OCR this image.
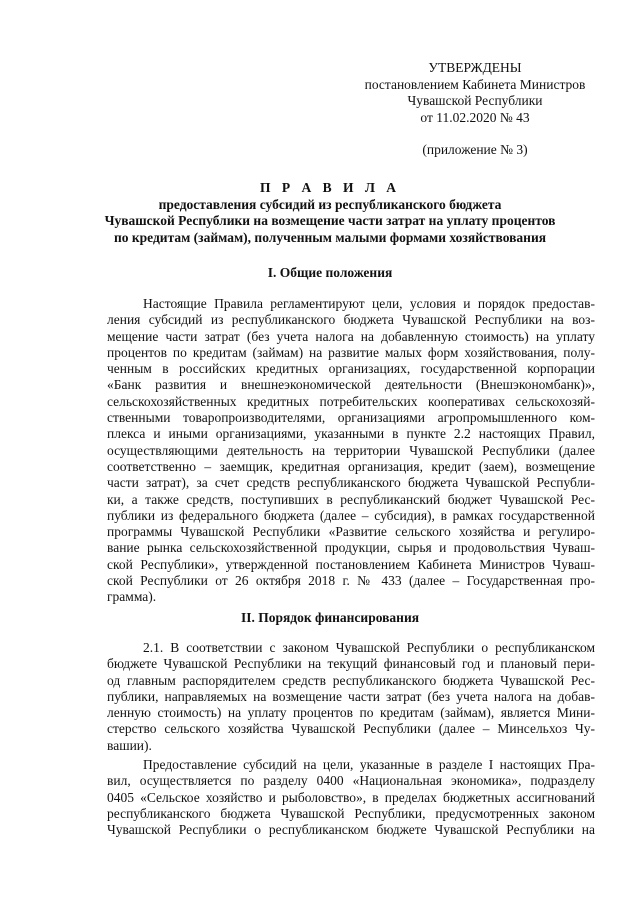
УТВЕРЖДЕНЫ
постановлением Кабинета Министров
Чувашской Республики
от 11.02.2020 № 43
(приложение № 3)
П Р А В И Л А
предоставления субсидий из республиканского бюджета
Чувашской Республики на возмещение части затрат на уплату процентов
по кредитам (займам), полученным малыми формами хозяйствования
I. Общие положения
Настоящие Правила регламентируют цели, условия и порядок предостав-
ления субсидий из республиканского бюджета Чувашской Республики на воз-
мещение части затрат (без учета налога на добавленную стоимость) на уплату
процентов по кредитам (займам) на развитие малых форм хозяйствования, полу-
ченным в российских кредитных организациях, государственной корпорации
«Банк развития и внешнеэкономической деятельности (Внешэкономбанк)»,
сельскохозяйственных кредитных потребительских кооперативах сельскохозяй-
ственными товаропроизводителями, организациями агропромышленного ком-
плекса и иными организациями, указанными в пункте 2.2 настоящих Правил,
осуществляющими деятельность на территории Чувашской Республики (далее
соответственно – заемщик, кредитная организация, кредит (заем), возмещение
части затрат), за счет средств республиканского бюджета Чувашской Республи-
ки, а также средств, поступивших в республиканский бюджет Чувашской Рес-
публики из федерального бюджета (далее – субсидия), в рамках государственной
программы Чувашской Республики «Развитие сельского хозяйства и регулиро-
вание рынка сельскохозяйственной продукции, сырья и продовольствия Чуваш-
ской Республики», утвержденной постановлением Кабинета Министров Чуваш-
ской Республики от 26 октября 2018 г. № 433 (далее – Государственная про-
грамма).
II. Порядок финансирования
2.1. В соответствии с законом Чувашской Республики о республиканском
бюджете Чувашской Республики на текущий финансовый год и плановый пери-
од главным распорядителем средств республиканского бюджета Чувашской Рес-
публики, направляемых на возмещение части затрат (без учета налога на добав-
ленную стоимость) на уплату процентов по кредитам (займам), является Мини-
стерство сельского хозяйства Чувашской Республики (далее – Минсельхоз Чу-
вашии).
Предоставление субсидий на цели, указанные в разделе I настоящих Пра-
вил, осуществляется по разделу 0400 «Национальная экономика», подразделу
0405 «Сельское хозяйство и рыболовство», в пределах бюджетных ассигнований
республиканского бюджета Чувашской Республики, предусмотренных законом
Чувашской Республики о республиканском бюджете Чувашской Республики на
